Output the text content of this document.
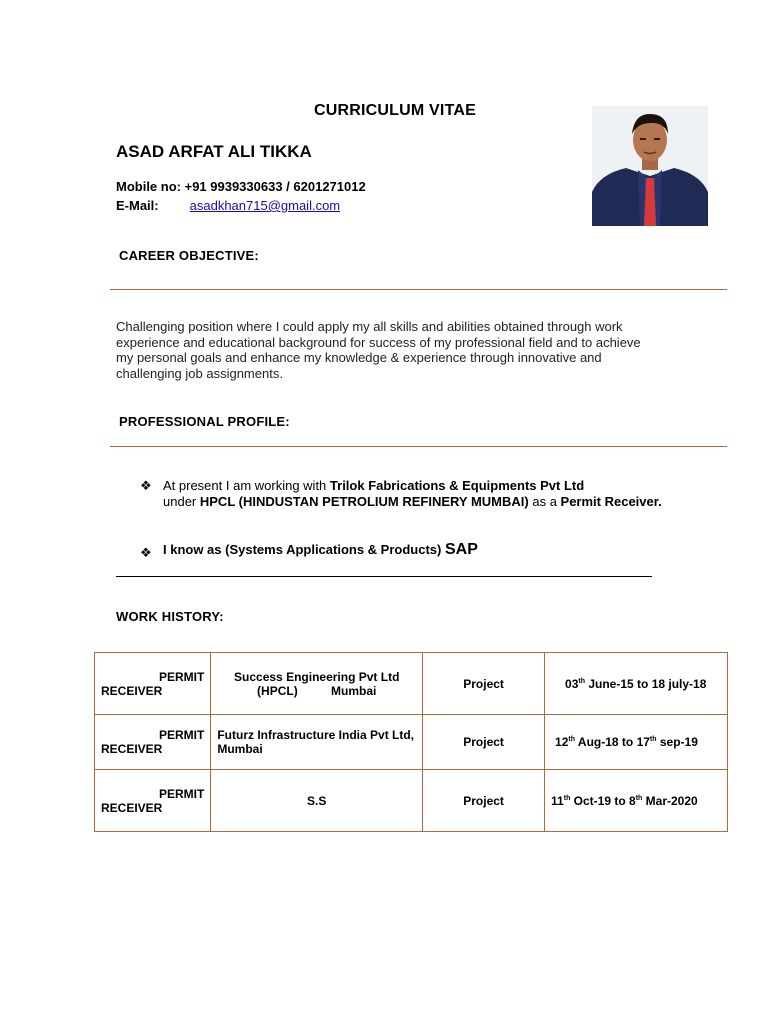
CURRICULUM VITAE
ASAD ARFAT ALI TIKKA
Mobile no: +91 9939330633 / 6201271012
E-Mail: asadkhan715@gmail.com
CAREER OBJECTIVE:
Challenging position where I could apply my all skills and abilities obtained through work experience and educational background for success of my professional field and to achieve my personal goals and enhance my knowledge & experience through innovative and challenging job assignments.
PROFESSIONAL PROFILE:
❖ At present I am working with Trilok Fabrications & Equipments Pvt Ltd
under HPCL (HINDUSTAN PETROLIUM REFINERY MUMBAI) as a Permit Receiver.
❖ I know as (Systems Applications & Products) SAP
WORK HISTORY:
PERMIT
RECEIVER	Success Engineering Pvt Ltd
(HPCL)          Mumbai	Project	03th June-15 to 18 july-18

PERMIT
RECEIVER	Futurz Infrastructure India Pvt Ltd, Mumbai	Project	12th Aug-18 to 17th sep-19

PERMIT
RECEIVER	S.S	Project	11th Oct-19 to 8th Mar-2020
